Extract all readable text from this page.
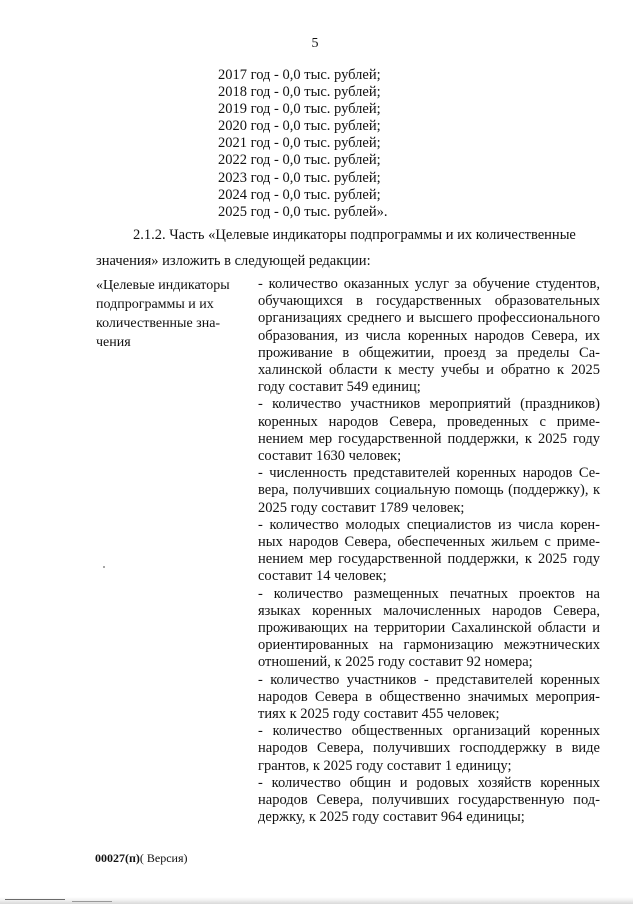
5
2017 год - 0,0 тыс. рублей;
2018 год - 0,0 тыс. рублей;
2019 год - 0,0 тыс. рублей;
2020 год - 0,0 тыс. рублей;
2021 год - 0,0 тыс. рублей;
2022 год - 0,0 тыс. рублей;
2023 год - 0,0 тыс. рублей;
2024 год - 0,0 тыс. рублей;
2025 год - 0,0 тыс. рублей».
2.1.2. Часть «Целевые индикаторы подпрограммы и их количественные
значения» изложить в следующей редакции:
«Целевые индикаторы
подпрограммы и их
количественные зна-
чения

- количество оказанных услуг за обучение студентов, обучающихся в государственных образовательных организациях среднего и высшего профессионального образования, из числа коренных народов Севера, их проживание в общежитии, проезд за пределы Сахалинской области к месту учебы и обратно к 2025 году составит 549 единиц;

- количество участников мероприятий (праздников) коренных народов Севера, проведенных с применением мер государственной поддержки, к 2025 году составит 1630 человек;

- численность представителей коренных народов Севера, получивших социальную помощь (поддержку), к 2025 году составит 1789 человек;

- количество молодых специалистов из числа коренных народов Севера, обеспеченных жильем с применением мер государственной поддержки, к 2025 году составит 14 человек;

- количество размещенных печатных проектов на языках коренных малочисленных народов Севера, проживающих на территории Сахалинской области и ориентированных на гармонизацию межэтнических отношений, к 2025 году составит 92 номера;

- количество участников - представителей коренных народов Севера в общественно значимых мероприятиях к 2025 году составит 455 человек;

- количество общественных организаций коренных народов Севера, получивших господдержку в виде грантов, к 2025 году составит 1 единицу;

- количество общин и родовых хозяйств коренных народов Севера, получивших государственную поддержку, к 2025 году составит 964 единицы;

00027(п)( Версия)
